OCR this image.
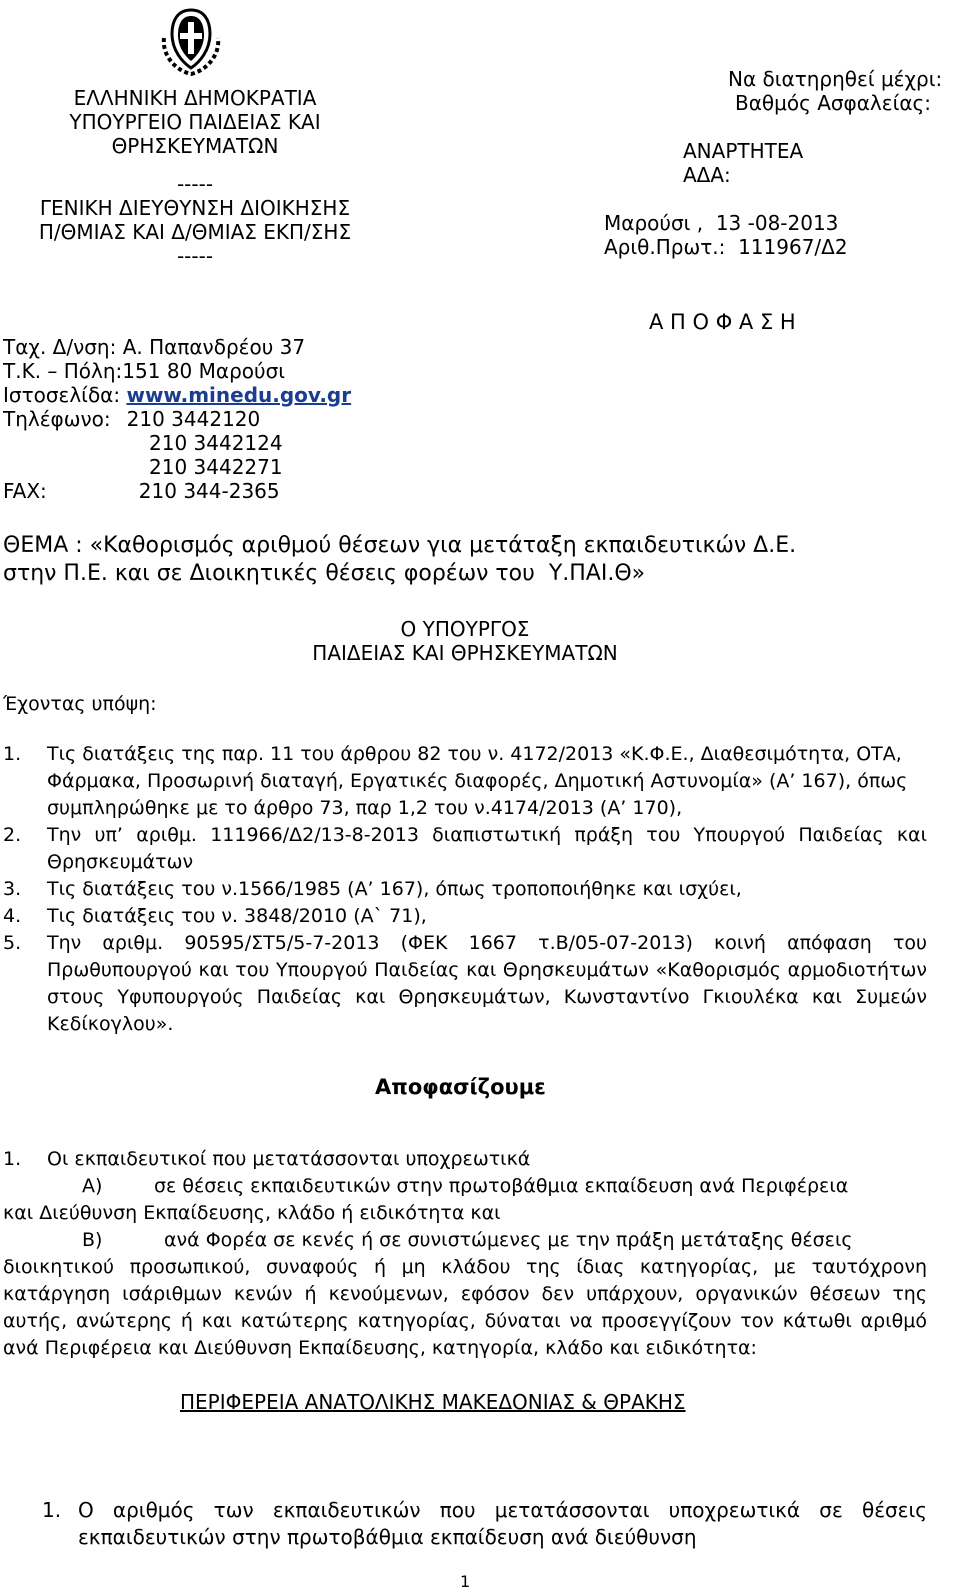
ΕΛΛΗΝΙΚΗ ΔΗΜΟΚΡΑΤΙΑ
ΥΠΟΥΡΓΕΙΟ ΠΑΙΔΕΙΑΣ ΚΑΙ
ΘΡΗΣΚΕΥΜΑΤΩΝ
-----
ΓΕΝΙΚΗ ΔΙΕΥΘΥΝΣΗ ΔΙΟΙΚΗΣΗΣ
Π/ΘΜΙΑΣ ΚΑΙ Δ/ΘΜΙΑΣ ΕΚΠ/ΣΗΣ
-----
Ταχ. Δ/νση: Α. Παπανδρέου 37
Τ.Κ. – Πόλη:151 80 Μαρούσι
Ιστοσελίδα: www.minedu.gov.gr
Τηλέφωνο: 210 3442120
210 3442124
210 3442271
FAX:	210 344-2365
Να διατηρηθεί μέχρι:
Βαθμός Ασφαλείας:
ΑΝΑΡΤΗΤΕΑ
ΑΔΑ:
Μαρούσι ,  13 -08-2013
Αριθ.Πρωτ.:  111967/Δ2
Α Π Ο Φ Α Σ Η
ΘΕΜΑ : «Καθορισμός αριθμού θέσεων για μετάταξη εκπαιδευτικών Δ.Ε.
στην Π.Ε. και σε Διοικητικές θέσεις φορέων του  Υ.ΠΑΙ.Θ»
Ο ΥΠΟΥΡΓΟΣ
ΠΑΙΔΕΙΑΣ ΚΑΙ ΘΡΗΣΚΕΥΜΑΤΩΝ
Έχοντας υπόψη:
1.	Τις διατάξεις της παρ. 11 του άρθρου 82 του ν. 4172/2013 «Κ.Φ.Ε., Διαθεσιμότητα, ΟΤΑ, Φάρμακα, Προσωρινή διαταγή, Εργατικές διαφορές, Δημοτική Αστυνομία» (Α’ 167), όπως συμπληρώθηκε με το άρθρο 73, παρ 1,2 του ν.4174/2013 (Α’ 170),
2.	Την υπ’ αριθμ. 111966/Δ2/13-8-2013 διαπιστωτική πράξη του Υπουργού Παιδείας και Θρησκευμάτων
3.	Τις διατάξεις του ν.1566/1985 (Α’ 167), όπως τροποποιήθηκε και ισχύει,
4.	Τις διατάξεις του ν. 3848/2010 (Α` 71),
5.	Την αριθμ. 90595/ΣΤ5/5-7-2013 (ΦΕΚ 1667 τ.Β/05-07-2013) κοινή απόφαση του Πρωθυπουργού και του Υπουργού Παιδείας και Θρησκευμάτων «Καθορισμός αρμοδιοτήτων στους Υφυπουργούς Παιδείας και Θρησκευμάτων, Κωνσταντίνο Γκιουλέκα και Συμεών Κεδίκογλου».
Αποφασίζουμε
1. Οι εκπαιδευτικοί που μετατάσσονται υποχρεωτικά
Α)	σε θέσεις εκπαιδευτικών στην πρωτοβάθμια εκπαίδευση ανά Περιφέρεια
και Διεύθυνση Εκπαίδευσης, κλάδο ή ειδικότητα και
Β)	ανά Φορέα σε κενές ή σε συνιστώμενες με την πράξη μετάταξης θέσεις
διοικητικού προσωπικού, συναφούς ή μη κλάδου της ίδιας κατηγορίας, με ταυτόχρονη κατάργηση ισάριθμων κενών ή κενούμενων, εφόσον δεν υπάρχουν, οργανικών θέσεων της αυτής, ανώτερης ή και κατώτερης κατηγορίας, δύναται να προσεγγίζουν τον κάτωθι αριθμό ανά Περιφέρεια και Διεύθυνση Εκπαίδευσης, κατηγορία, κλάδο και ειδικότητα:
ΠΕΡΙΦΕΡΕΙΑ ΑΝΑΤΟΛΙΚΗΣ ΜΑΚΕΔΟΝΙΑΣ & ΘΡΑΚΗΣ
1. Ο αριθμός των εκπαιδευτικών που μετατάσσονται υποχρεωτικά σε θέσεις εκπαιδευτικών στην πρωτοβάθμια εκπαίδευση ανά διεύθυνση
1
